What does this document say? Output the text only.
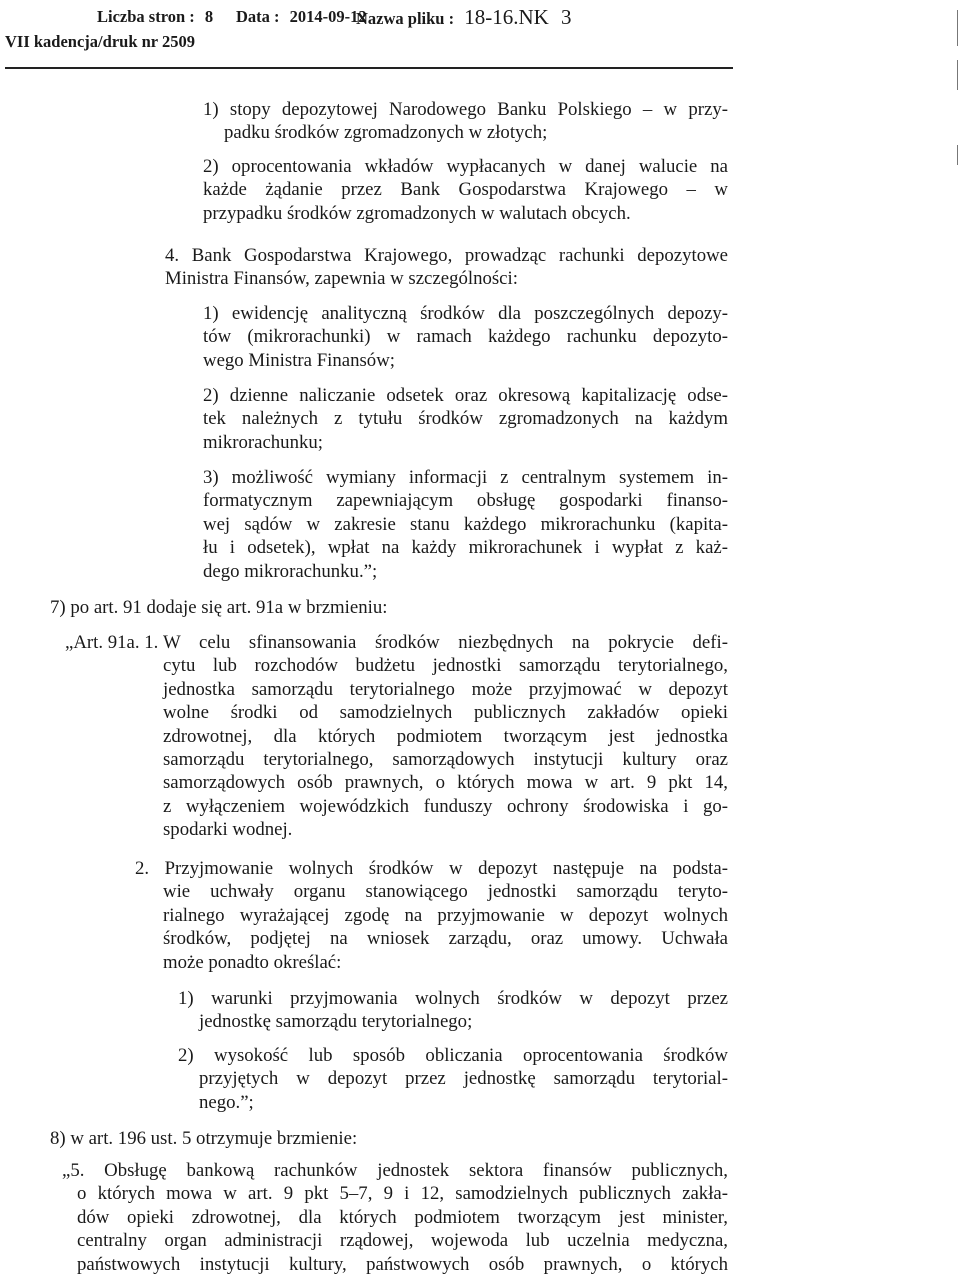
Liczba stron : 8 Data : 2014-09-12
Nazwa pliku : 18-16.NK 3
VII kadencja/druk nr 2509
1) stopy depozytowej Narodowego Banku Polskiego – w przy-
padku środków zgromadzonych w złotych;
2) oprocentowania wkładów wypłacanych w danej walucie na
każde żądanie przez Bank Gospodarstwa Krajowego – w
przypadku środków zgromadzonych w walutach obcych.
4. Bank Gospodarstwa Krajowego, prowadząc rachunki depozytowe
Ministra Finansów, zapewnia w szczególności:
1) ewidencję analityczną środków dla poszczególnych depozy-
tów (mikrorachunki) w ramach każdego rachunku depozyto-
wego Ministra Finansów;
2) dzienne naliczanie odsetek oraz okresową kapitalizację odse-
tek należnych z tytułu środków zgromadzonych na każdym
mikrorachunku;
3) możliwość wymiany informacji z centralnym systemem in-
formatycznym zapewniającym obsługę gospodarki finanso-
wej sądów w zakresie stanu każdego mikrorachunku (kapita-
łu i odsetek), wpłat na każdy mikrorachunek i wypłat z każ-
dego mikrorachunku.”;
7) po art. 91 dodaje się art. 91a w brzmieniu:
„Art. 91a. 1. W celu sfinansowania środków niezbędnych na pokrycie defi-
cytu lub rozchodów budżetu jednostki samorządu terytorialnego,
jednostka samorządu terytorialnego może przyjmować w depozyt
wolne środki od samodzielnych publicznych zakładów opieki
zdrowotnej, dla których podmiotem tworzącym jest jednostka
samorządu terytorialnego, samorządowych instytucji kultury oraz
samorządowych osób prawnych, o których mowa w art. 9 pkt 14,
z wyłączeniem wojewódzkich funduszy ochrony środowiska i go-
spodarki wodnej.
2. Przyjmowanie wolnych środków w depozyt następuje na podsta-
wie uchwały organu stanowiącego jednostki samorządu teryto-
rialnego wyrażającej zgodę na przyjmowanie w depozyt wolnych
środków, podjętej na wniosek zarządu, oraz umowy. Uchwała
może ponadto określać:
1) warunki przyjmowania wolnych środków w depozyt przez
jednostkę samorządu terytorialnego;
2) wysokość lub sposób obliczania oprocentowania środków
przyjętych w depozyt przez jednostkę samorządu terytorial-
nego.”;
8) w art. 196 ust. 5 otrzymuje brzmienie:
„5. Obsługę bankową rachunków jednostek sektora finansów publicznych,
o których mowa w art. 9 pkt 5–7, 9 i 12, samodzielnych publicznych zakła-
dów opieki zdrowotnej, dla których podmiotem tworzącym jest minister,
centralny organ administracji rządowej, wojewoda lub uczelnia medyczna,
państwowych instytucji kultury, państwowych osób prawnych, o których
